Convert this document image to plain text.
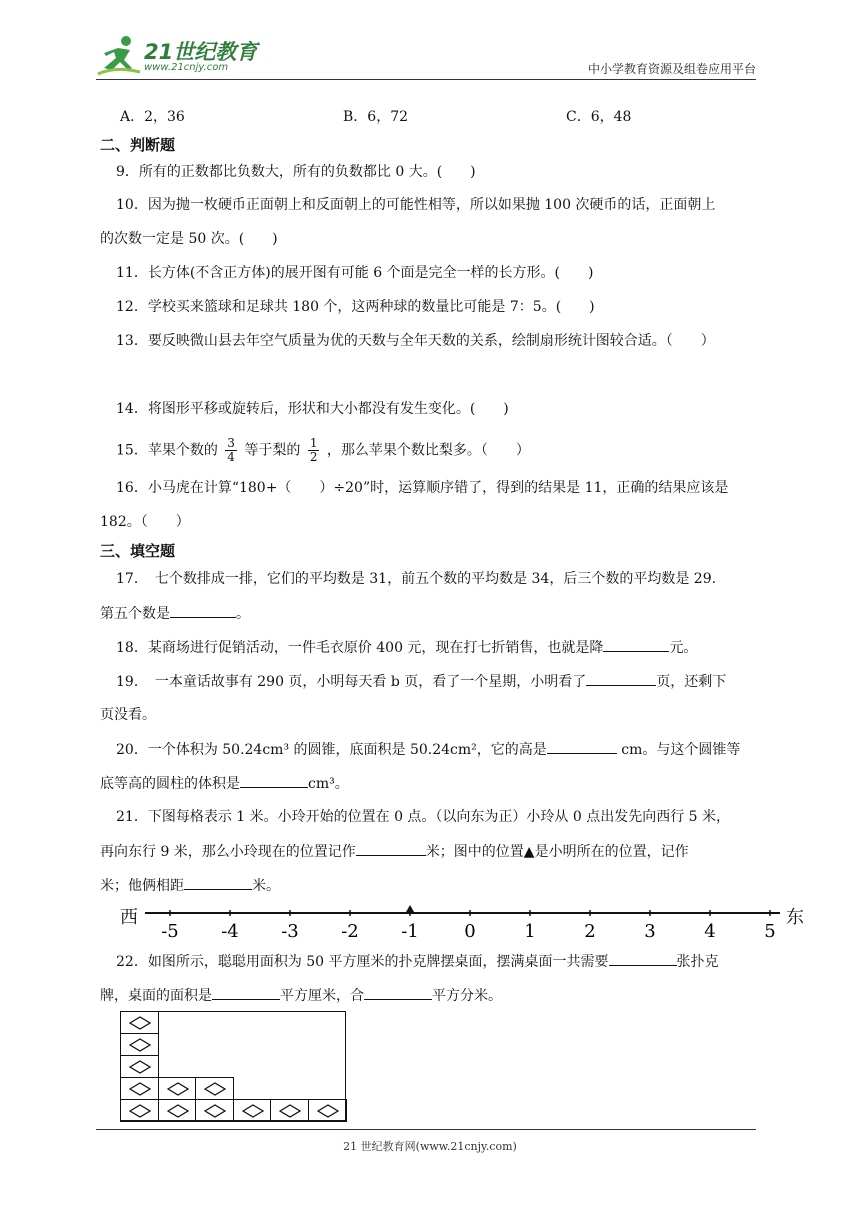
21世纪教育
www.21cnjy.com	中小学教育资源及组卷应用平台
A．2，36	B．6，72	C．6，48
二、判断题
9．所有的正数都比负数大，所有的负数都比 0 大。(　　)
10．因为抛一枚硬币正面朝上和反面朝上的可能性相等，所以如果抛 100 次硬币的话，正面朝上
的次数一定是 50 次。(　　)
11．长方体(不含正方体)的展开图有可能 6 个面是完全一样的长方形。(　　)
12．学校买来篮球和足球共 180 个，这两种球的数量比可能是 7：5。(　　)
13．要反映微山县去年空气质量为优的天数与全年天数的关系，绘制扇形统计图较合适。（　　）
14．将图形平移或旋转后，形状和大小都没有发生变化。(　　)
15．苹果个数的 $\frac{3}{4}$ 等于梨的 $\frac{1}{2}$ ，那么苹果个数比梨多。（　　）
16．小马虎在计算“180+（　　）÷20”时，运算顺序错了，得到的结果是 11，正确的结果应该是
182。（　　）
三、填空题
17．　七个数排成一排，它们的平均数是 31，前五个数的平均数是 34，后三个数的平均数是 29.
第五个数是	。
18．某商场进行促销活动，一件毛衣原价 400 元，现在打七折销售，也就是降	元。
19．　一本童话故事有 290 页，小明每天看 b 页，看了一个星期，小明看了	页，还剩下
页没看。
20．一个体积为 50.24cm³ 的圆锥，底面积是 50.24cm²，它的高是	cm。与这个圆锥等
底等高的圆柱的体积是	cm³。
21．下图每格表示 1 米。小玲开始的位置在 0 点。（以向东为正）小玲从 0 点出发先向西行 5 米，
再向东行 9 米，那么小玲现在的位置记作	米；图中的位置▲是小明所在的位置，记作
米；他俩相距	米。
西	东
-5 -4 -3 -2 -1	0	1	2	3	4	5
22．如图所示，聪聪用面积为 50 平方厘米的扑克牌摆桌面，摆满桌面一共需要	张扑克
牌，桌面的面积是	平方厘米，合	平方分米。
21 世纪教育网(www.21cnjy.com)
